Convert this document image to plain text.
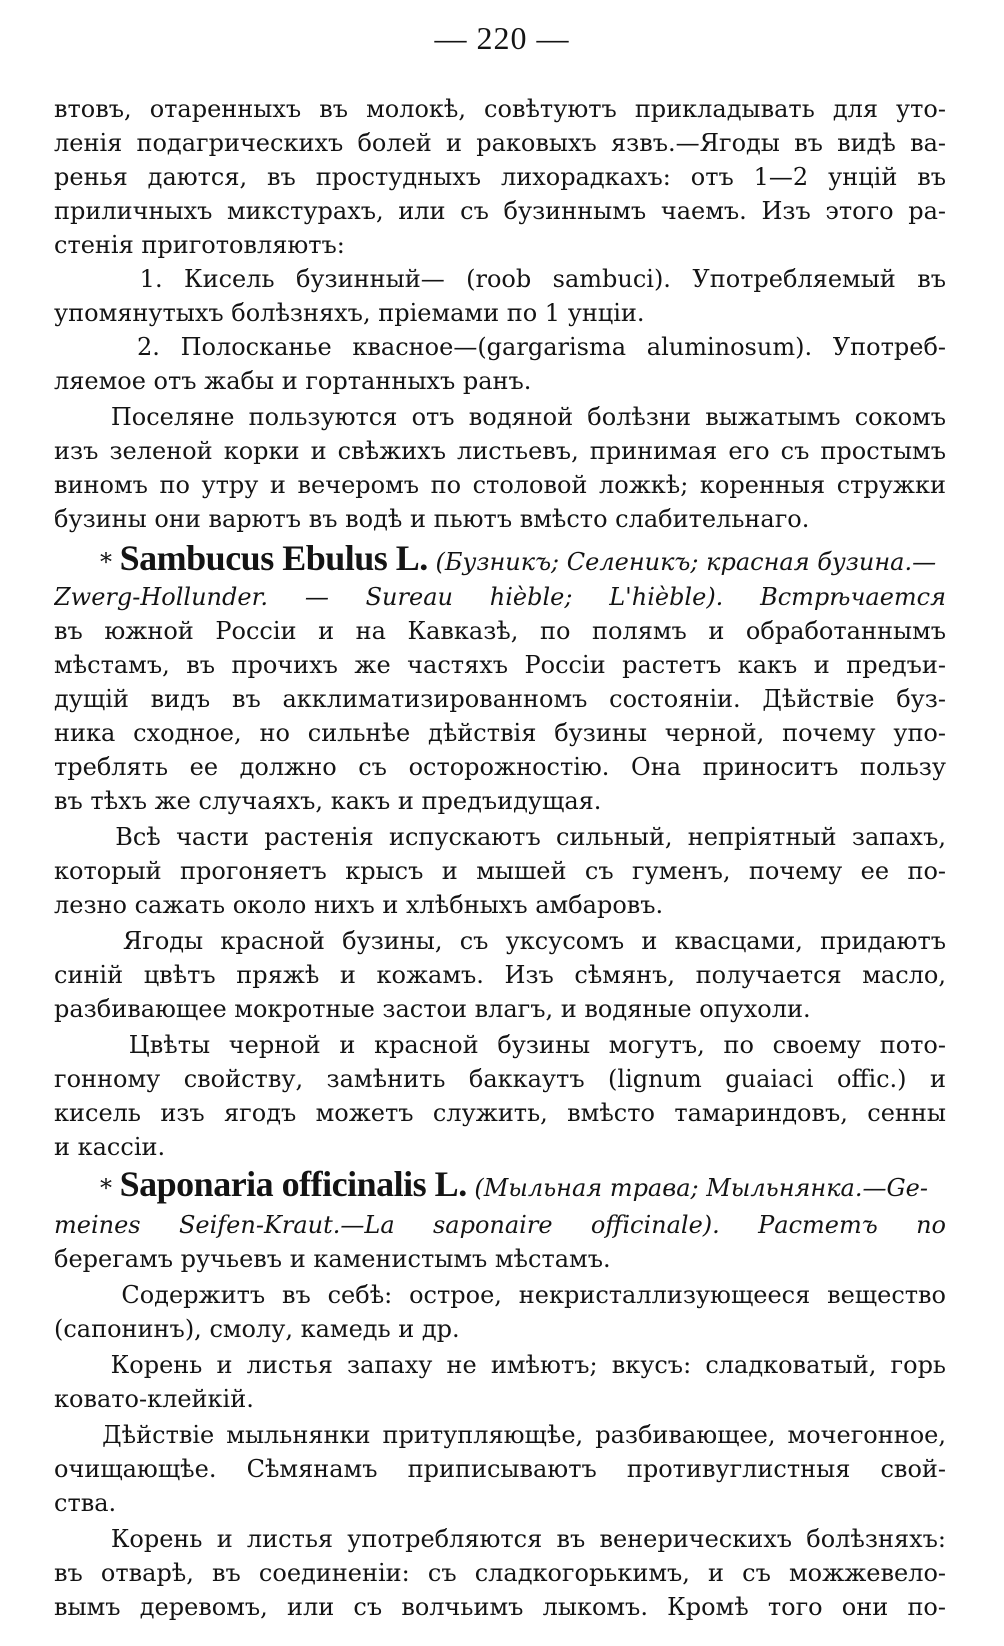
— 220 —

втовъ, отаренныхъ въ молокѣ, совѣтуютъ прикладывать для уто-

ленія подагрическихъ болей и раковыхъ язвъ.—Ягоды въ видѣ ва-

ренья даются, въ простудныхъ лихорадкахъ: отъ 1—2 унцій въ

приличныхъ микстурахъ, или съ бузиннымъ чаемъ. Изъ этого ра-

стенія приготовляютъ:

1. Кисель бузинный— (roob sambuci). Употребляемый въ

упомянутыхъ болѣзняхъ, пріемами по 1 унціи.

2. Полосканье квасное—(gargarisma aluminosum). Употреб-

ляемое отъ жабы и гортанныхъ ранъ.

Поселяне пользуются отъ водяной болѣзни выжатымъ сокомъ

изъ зеленой корки и свѣжихъ листьевъ, принимая его съ простымъ

виномъ по утру и вечеромъ по столовой ложкѣ; коренныя стружки

бузины они варютъ въ водѣ и пьютъ вмѣсто слабительнаго.

* Sambucus Ebulus L. (Бузникъ; Селеникъ; красная бузина.—

Zwerg-Hollunder. — Sureau hièble; L'hièble). Встрѣчается

въ южной Россіи и на Кавказѣ, по полямъ и обработаннымъ

мѣстамъ, въ прочихъ же частяхъ Россіи растетъ какъ и предъи-

дущій видъ въ акклиматизированномъ состояніи. Дѣйствіе буз-

ника сходное, но сильнѣе дѣйствія бузины черной, почему упо-

треблять ее должно съ осторожностію. Она приноситъ пользу

въ тѣхъ же случаяхъ, какъ и предъидущая.

Всѣ части растенія испускаютъ сильный, непріятный запахъ,

который прогоняетъ крысъ и мышей съ гуменъ, почему ее по-

лезно сажать около нихъ и хлѣбныхъ амбаровъ.

Ягоды красной бузины, съ уксусомъ и квасцами, придаютъ

синій цвѣтъ пряжѣ и кожамъ. Изъ сѣмянъ, получается масло,

разбивающее мокротные застои влагъ, и водяные опухоли.

Цвѣты черной и красной бузины могутъ, по своему пото-

гонному свойству, замѣнить баккаутъ (lignum guaiaci offic.) и

кисель изъ ягодъ можетъ служить, вмѣсто тамариндовъ, сенны

и кассіи.

* Saponaria officinalis L. (Мыльная трава; Мыльнянка.—Ge-

meines Seifen-Kraut.—La saponaire officinale). Растетъ по

берегамъ ручьевъ и каменистымъ мѣстамъ.

Содержитъ въ себѣ: острое, некристаллизующееся вещество

(сапонинъ), смолу, камедь и др.

Корень и листья запаху не имѣютъ; вкусъ: сладковатый, горь

ковато-клейкій.

Дѣйствіе мыльнянки притупляющѣе, разбивающее, мочегонное,

очищающѣе. Сѣмянамъ приписываютъ противуглистныя свой-

ства.

Корень и листья употребляются въ венерическихъ болѣзняхъ:

въ отварѣ, въ соединеніи: съ сладкогорькимъ, и съ можжевело-

вымъ деревомъ, или съ волчьимъ лыкомъ. Кромѣ того они по-
